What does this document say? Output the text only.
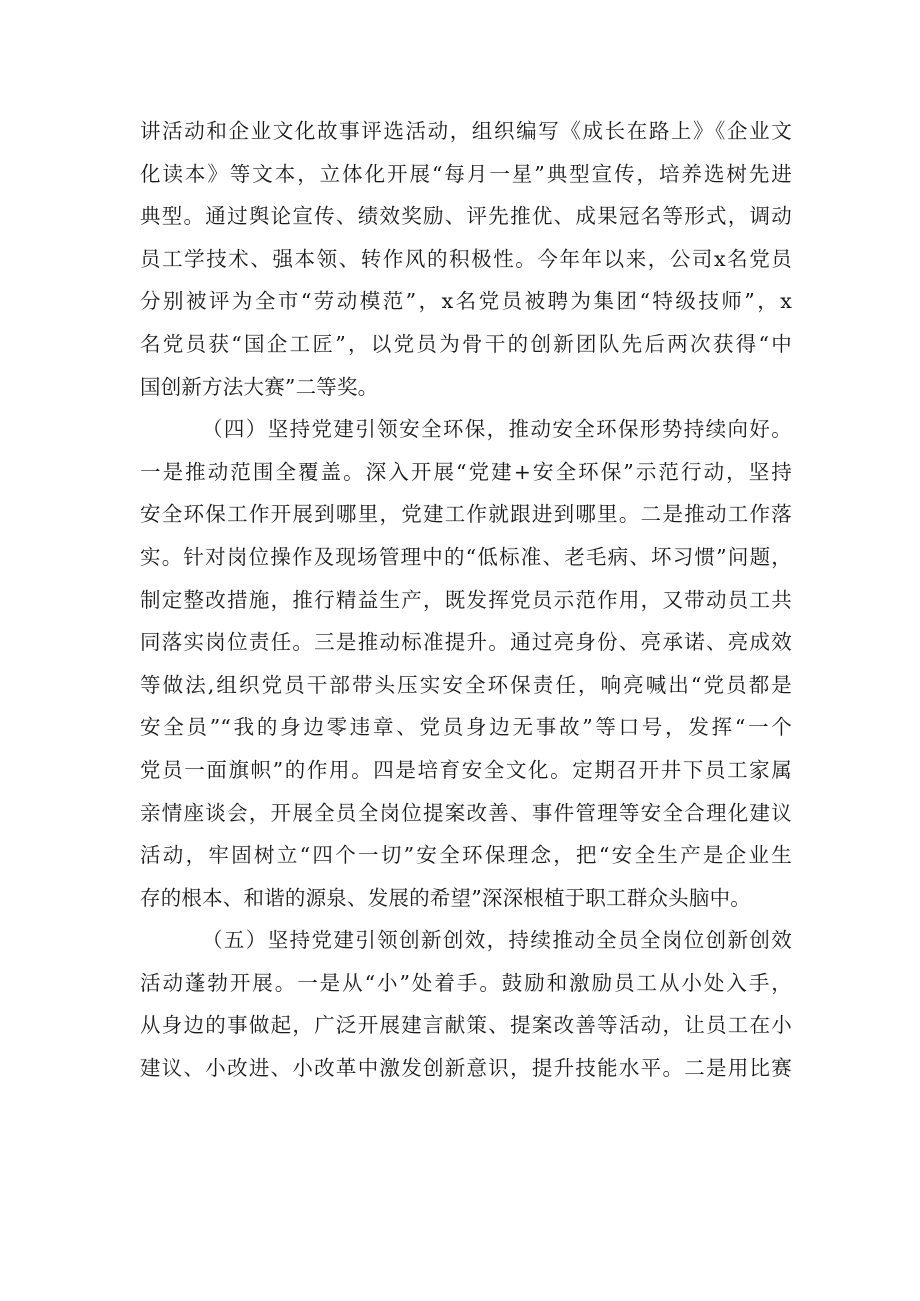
讲活动和企业文化故事评选活动，组织编写《成长在路上》《企业文
化读本》等文本，立体化开展“每月一星”典型宣传，培养选树先进
典型。通过舆论宣传、绩效奖励、评先推优、成果冠名等形式，调动
员工学技术、强本领、转作风的积极性。今年年以来，公司x名党员
分别被评为全市“劳动模范”，x名党员被聘为集团“特级技师”，x
名党员获“国企工匠”，以党员为骨干的创新团队先后两次获得“中
国创新方法大赛”二等奖。
（四）坚持党建引领安全环保，推动安全环保形势持续向好。
一是推动范围全覆盖。深入开展“党建+安全环保”示范行动，坚持
安全环保工作开展到哪里，党建工作就跟进到哪里。二是推动工作落
实。针对岗位操作及现场管理中的“低标准、老毛病、坏习惯”问题，
制定整改措施，推行精益生产，既发挥党员示范作用，又带动员工共
同落实岗位责任。三是推动标准提升。通过亮身份、亮承诺、亮成效
等做法,组织党员干部带头压实安全环保责任，响亮喊出“党员都是
安全员”“我的身边零违章、党员身边无事故”等口号，发挥“一个
党员一面旗帜”的作用。四是培育安全文化。定期召开井下员工家属
亲情座谈会，开展全员全岗位提案改善、事件管理等安全合理化建议
活动，牢固树立“四个一切”安全环保理念，把“安全生产是企业生
存的根本、和谐的源泉、发展的希望”深深根植于职工群众头脑中。
（五）坚持党建引领创新创效，持续推动全员全岗位创新创效
活动蓬勃开展。一是从“小”处着手。鼓励和激励员工从小处入手，
从身边的事做起，广泛开展建言献策、提案改善等活动，让员工在小
建议、小改进、小改革中激发创新意识，提升技能水平。二是用比赛
